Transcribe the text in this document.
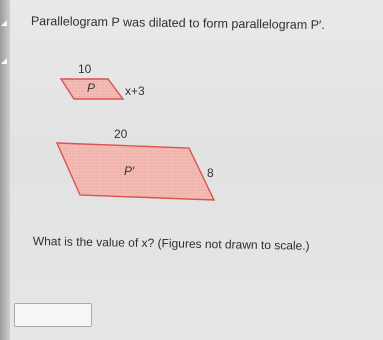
Parallelogram P was dilated to form parallelogram P′.
10
P x+3
20
P′	8
What is the value of x? (Figures not drawn to scale.)
